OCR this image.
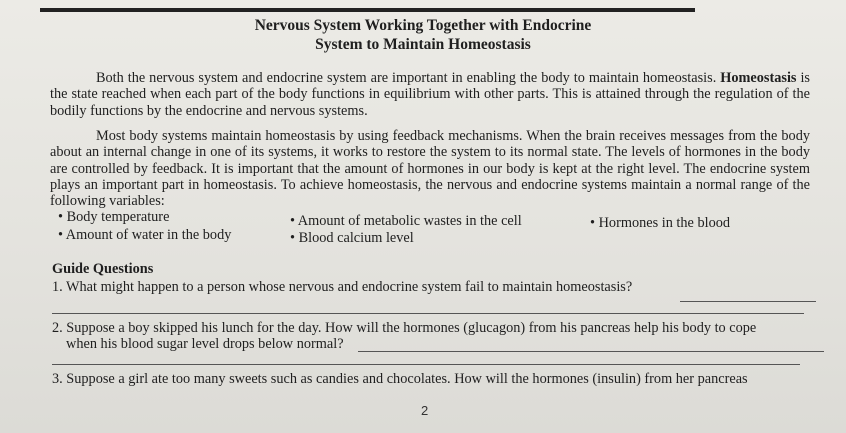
Nervous System Working Together with Endocrine
System to Maintain Homeostasis
Both the nervous system and endocrine system are important in enabling the body to maintain homeostasis. Homeostasis is the state reached when each part of the body functions in equilibrium with other parts. This is attained through the regulation of the bodily functions by the endocrine and nervous systems.
Most body systems maintain homeostasis by using feedback mechanisms. When the brain receives messages from the body about an internal change in one of its systems, it works to restore the system to its normal state. The levels of hormones in the body are controlled by feedback. It is important that the amount of hormones in our body is kept at the right level. The endocrine system plays an important part in homeostasis. To achieve homeostasis, the nervous and endocrine systems maintain a normal range of the following variables:
• Body temperature
• Amount of water in the body
• Amount of metabolic wastes in the cell
• Blood calcium level
• Hormones in the blood
Guide Questions
1. What might happen to a person whose nervous and endocrine system fail to maintain homeostasis?
2. Suppose a boy skipped his lunch for the day. How will the hormones (glucagon) from his pancreas help his body to cope
when his blood sugar level drops below normal?
3. Suppose a girl ate too many sweets such as candies and chocolates. How will the hormones (insulin) from her pancreas
2
